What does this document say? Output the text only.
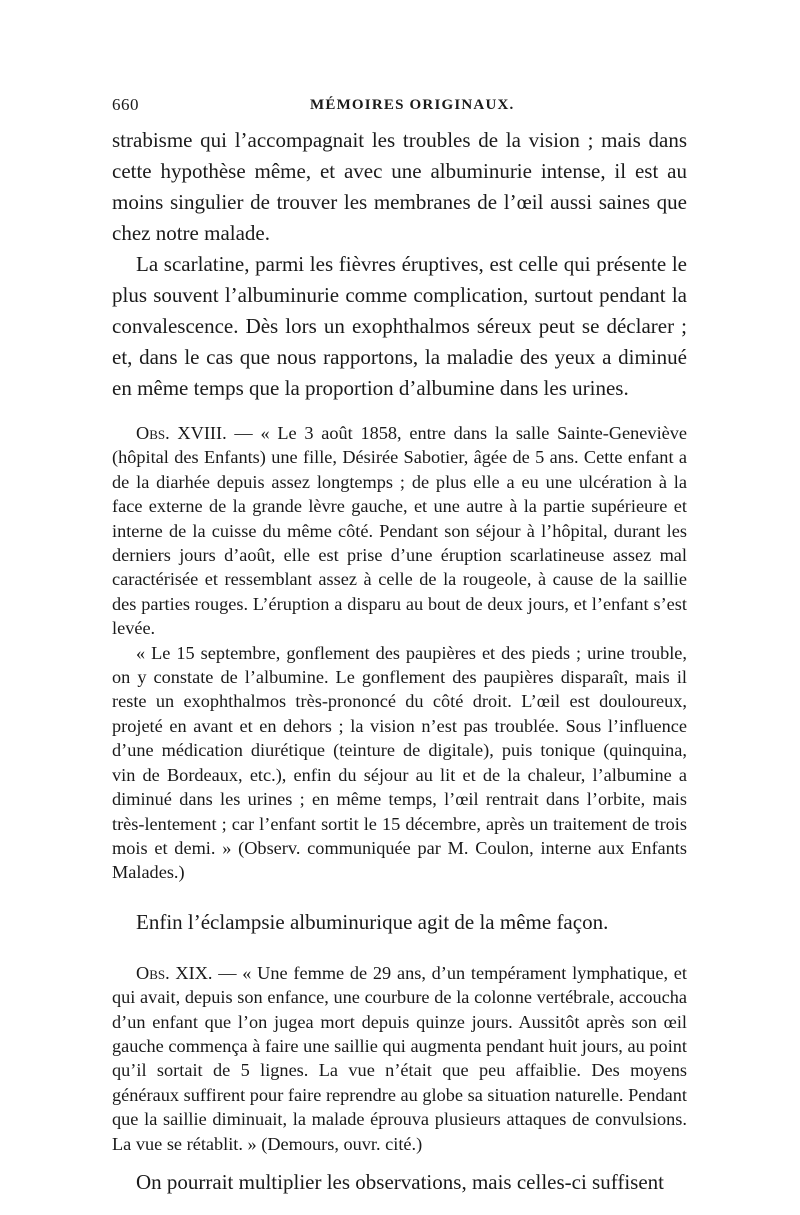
660	MÉMOIRES ORIGINAUX.

strabisme qui l’accompagnait les troubles de la vision ; mais dans cette hypothèse même, et avec une albuminurie intense, il est au moins singulier de trouver les membranes de l’œil aussi saines que chez notre malade.

La scarlatine, parmi les fièvres éruptives, est celle qui présente le plus souvent l’albuminurie comme complication, surtout pendant la convalescence. Dès lors un exophthalmos séreux peut se déclarer ; et, dans le cas que nous rapportons, la maladie des yeux a diminué en même temps que la proportion d’albumine dans les urines.

Obs. XVIII. — « Le 3 août 1858, entre dans la salle Sainte-Geneviève (hôpital des Enfants) une fille, Désirée Sabotier, âgée de 5 ans. Cette enfant a de la diarhée depuis assez longtemps ; de plus elle a eu une ulcération à la face externe de la grande lèvre gauche, et une autre à la partie supérieure et interne de la cuisse du même côté. Pendant son séjour à l’hôpital, durant les derniers jours d’août, elle est prise d’une éruption scarlatineuse assez mal caractérisée et ressemblant assez à celle de la rougeole, à cause de la saillie des parties rouges. L’éruption a disparu au bout de deux jours, et l’enfant s’est levée.

« Le 15 septembre, gonflement des paupières et des pieds ; urine trouble, on y constate de l’albumine. Le gonflement des paupières disparaît, mais il reste un exophthalmos très-prononcé du côté droit. L’œil est douloureux, projeté en avant et en dehors ; la vision n’est pas troublée. Sous l’influence d’une médication diurétique (teinture de digitale), puis tonique (quinquina, vin de Bordeaux, etc.), enfin du séjour au lit et de la chaleur, l’albumine a diminué dans les urines ; en même temps, l’œil rentrait dans l’orbite, mais très-lentement ; car l’enfant sortit le 15 décembre, après un traitement de trois mois et demi. » (Observ. communiquée par M. Coulon, interne aux Enfants Malades.)

Enfin l’éclampsie albuminurique agit de la même façon.

Obs. XIX. — « Une femme de 29 ans, d’un tempérament lymphatique, et qui avait, depuis son enfance, une courbure de la colonne vertébrale, accoucha d’un enfant que l’on jugea mort depuis quinze jours. Aussitôt après son œil gauche commença à faire une saillie qui augmenta pendant huit jours, au point qu’il sortait de 5 lignes. La vue n’était que peu affaiblie. Des moyens généraux suffirent pour faire reprendre au globe sa situation naturelle. Pendant que la saillie diminuait, la malade éprouva plusieurs attaques de convulsions. La vue se rétablit. » (Demours, ouvr. cité.)

On pourrait multiplier les observations, mais celles-ci suffisent
